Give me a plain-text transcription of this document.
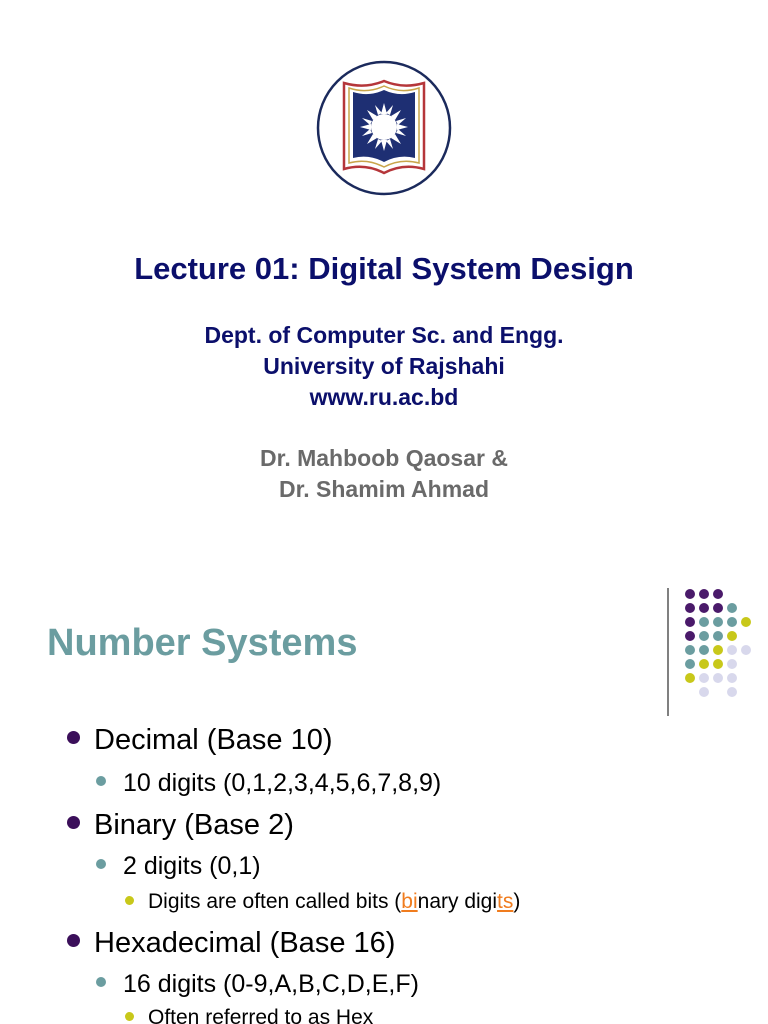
Lecture 01: Digital System Design
Dept. of Computer Sc. and Engg.
University of Rajshahi
www.ru.ac.bd
Dr. Mahboob Qaosar &
Dr. Shamim Ahmad
Number Systems
Decimal (Base 10)
10 digits (0,1,2,3,4,5,6,7,8,9)
Binary (Base 2)
2 digits (0,1)
Digits are often called bits (binary digits)
Hexadecimal (Base 16)
16 digits (0-9,A,B,C,D,E,F)
Often referred to as Hex
